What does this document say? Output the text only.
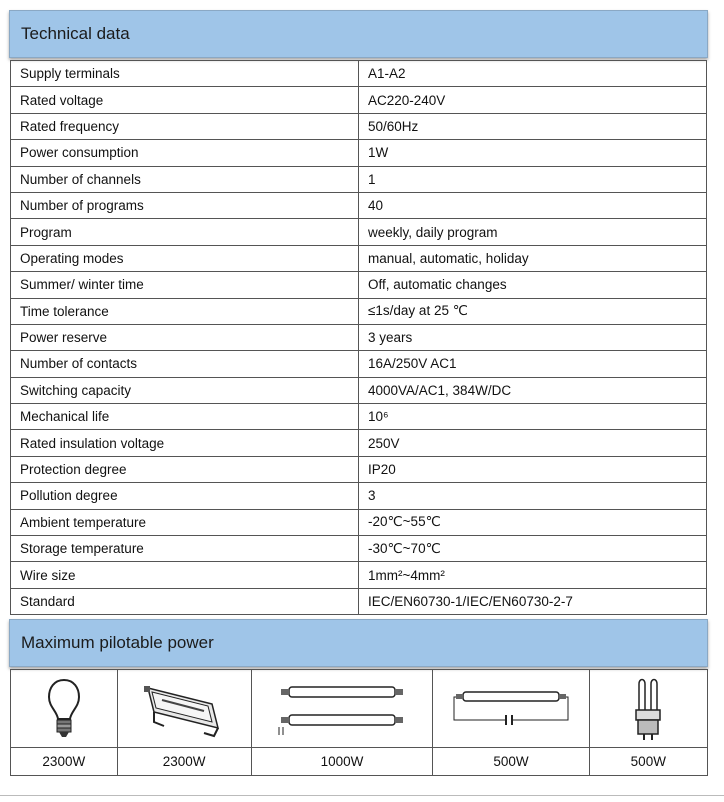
Technical data
Supply terminals	A1-A2
Rated voltage	AC220-240V
Rated frequency	50/60Hz
Power consumption	1W
Number of channels	1
Number of programs	40
Program	weekly, daily program
Operating modes	manual, automatic, holiday
Summer/ winter time	Off, automatic changes
Time tolerance	≤1s/day at 25 ℃
Power reserve	3 years
Number of contacts	16A/250V AC1
Switching capacity	4000VA/AC1, 384W/DC
Mechanical life	10⁶
Rated insulation voltage	250V
Protection degree	IP20
Pollution degree	3
Ambient temperature	-20℃~55℃
Storage temperature	-30℃~70℃
Wire size	1mm²~4mm²
Standard	IEC/EN60730-1/IEC/EN60730-2-7
Maximum pilotable power

2300W	2300W	1000W	500W	500W
